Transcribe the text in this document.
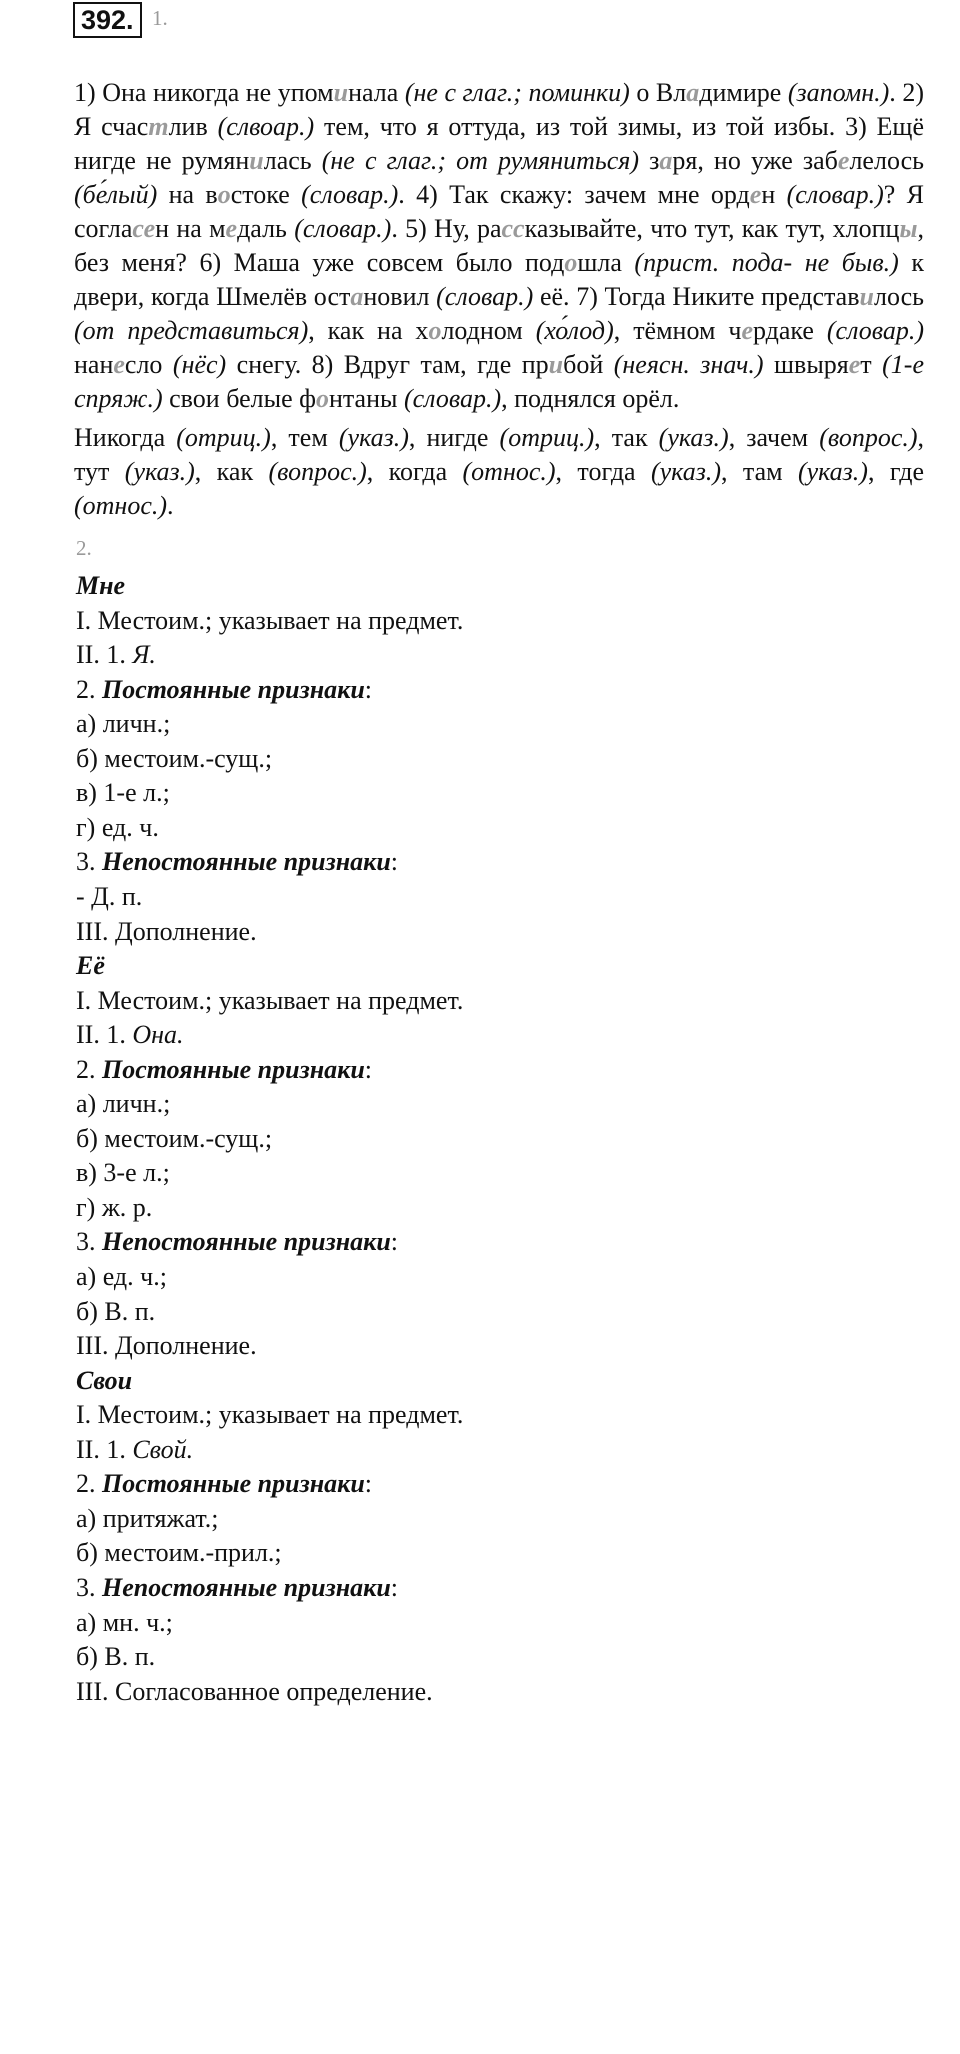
392. 1.
1) Она никогда не упоминала (не с глаг.; поминки) о Владимире (запомн.). 2) Я счастлив (слвоар.) тем, что я оттуда, из той зимы, из той избы. 3) Ещё нигде не румянилась (не с глаг.; от румяниться) заря, но уже забелелось (бе́лый) на востоке (словар.). 4) Так скажу: зачем мне орден (словар.)? Я согласен на медаль (словар.). 5) Ну, рассказывайте, что тут, как тут, хлопцы, без меня? 6) Маша уже совсем было подошла (прист. пода- не быв.) к двери, когда Шмелёв остановил (словар.) её. 7) Тогда Никите представилось (от представиться), как на холодном (хо́лод), тёмном чердаке (словар.) нанесло (нёс) снегу. 8) Вдруг там, где прибой (неясн. знач.) швыряет (1-е спряж.) свои белые фонтаны (словар.), поднялся орёл.
Никогда (отриц.), тем (указ.), нигде (отриц.), так (указ.), зачем (вопрос.), тут (указ.), как (вопрос.), когда (относ.), тогда (указ.), там (указ.), где (относ.).
2.
Мне
I. Местоим.; указывает на предмет.
II. 1. Я.
2. Постоянные признаки:
а) личн.;
б) местоим.-сущ.;
в) 1-е л.;
г) ед. ч.
3. Непостоянные признаки:
- Д. п.
III. Дополнение.
Её
I. Местоим.; указывает на предмет.
II. 1. Она.
2. Постоянные признаки:
а) личн.;
б) местоим.-сущ.;
в) 3-е л.;
г) ж. р.
3. Непостоянные признаки:
а) ед. ч.;
б) В. п.
III. Дополнение.
Свои
I. Местоим.; указывает на предмет.
II. 1. Свой.
2. Постоянные признаки:
а) притяжат.;
б) местоим.-прил.;
3. Непостоянные признаки:
а) мн. ч.;
б) В. п.
III. Согласованное определение.
